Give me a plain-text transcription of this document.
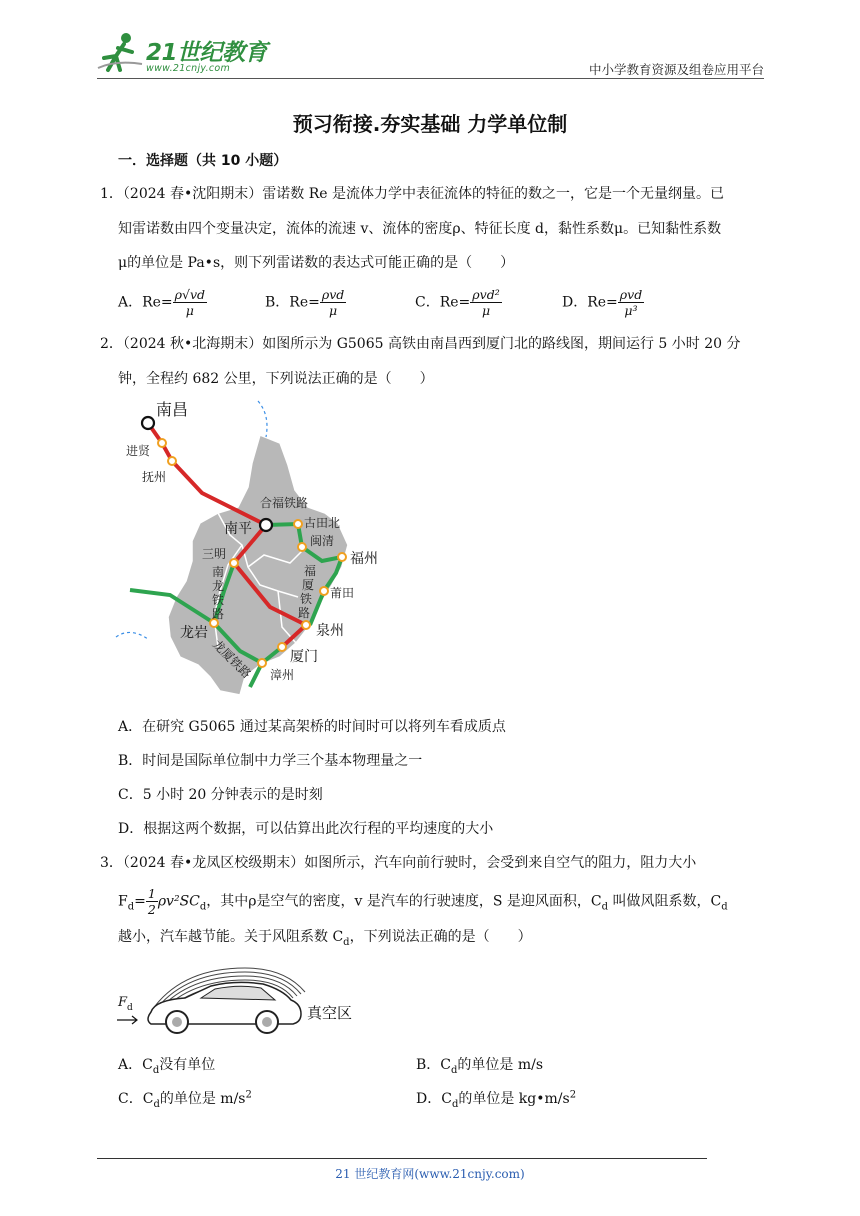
21世纪教育
www.21cnjy.com	中小学教育资源及组卷应用平台
预习衔接.夯实基础 力学单位制
一．选择题（共 10 小题）
1．（2024 春•沈阳期末）雷诺数 Re 是流体力学中表征流体的特征的数之一，它是一个无量纲量。已
知雷诺数由四个变量决定，流体的流速 v、流体的密度ρ、特征长度 d，黏性系数μ。已知黏性系数
μ的单位是 Pa•s，则下列雷诺数的表达式可能正确的是（　　）
A．$Re= \frac{\rho√vd}{\mu}$	B．$Re= \frac{\text{ρvd}}{\mu}$	C．$Re= \frac{\text{ρvd²}}{\mu}$	D．$Re= \frac{\text{ρvd}}{\text{μ³}}$
2．（2024 秋•北海期末）如图所示为 G5065 高铁由南昌西到厦门北的路线图，期间运行 5 小时 20 分
钟，全程约 682 公里，下列说法正确的是（　　）
南昌
进贤
抚州
合福铁路
南平	古田北
闽清
福州
三明
南
龙
铁
路
福
厦
铁
路
莆田
泉州
龙岩
龙厦铁路	厦门
漳州
A．在研究 G5065 通过某高架桥的时间时可以将列车看成质点
B．时间是国际单位制中力学三个基本物理量之一
C．5 小时 20 分钟表示的是时刻
D．根据这两个数据，可以估算出此次行程的平均速度的大小
3．（2024 春•龙凤区校级期末）如图所示，汽车向前行驶时，会受到来自空气的阻力，阻力大小
$F_d= \frac{1}{2} \rho v^2SC_d$，其中ρ是空气的密度，v 是汽车的行驶速度，S 是迎风面积，$C_d$ 叫做风阻系数，$C_d$
越小，汽车越节能。关于风阻系数 $C_d$，下列说法正确的是（　　）
F d	真空区
A．$C_d$没有单位	B．$C_d$的单位是 m/s
C．$C_d$的单位是 $m/s^2$	D．$C_d$的单位是 $kg•m/s^2$
21 世纪教育网(www.21cnjy.com)
